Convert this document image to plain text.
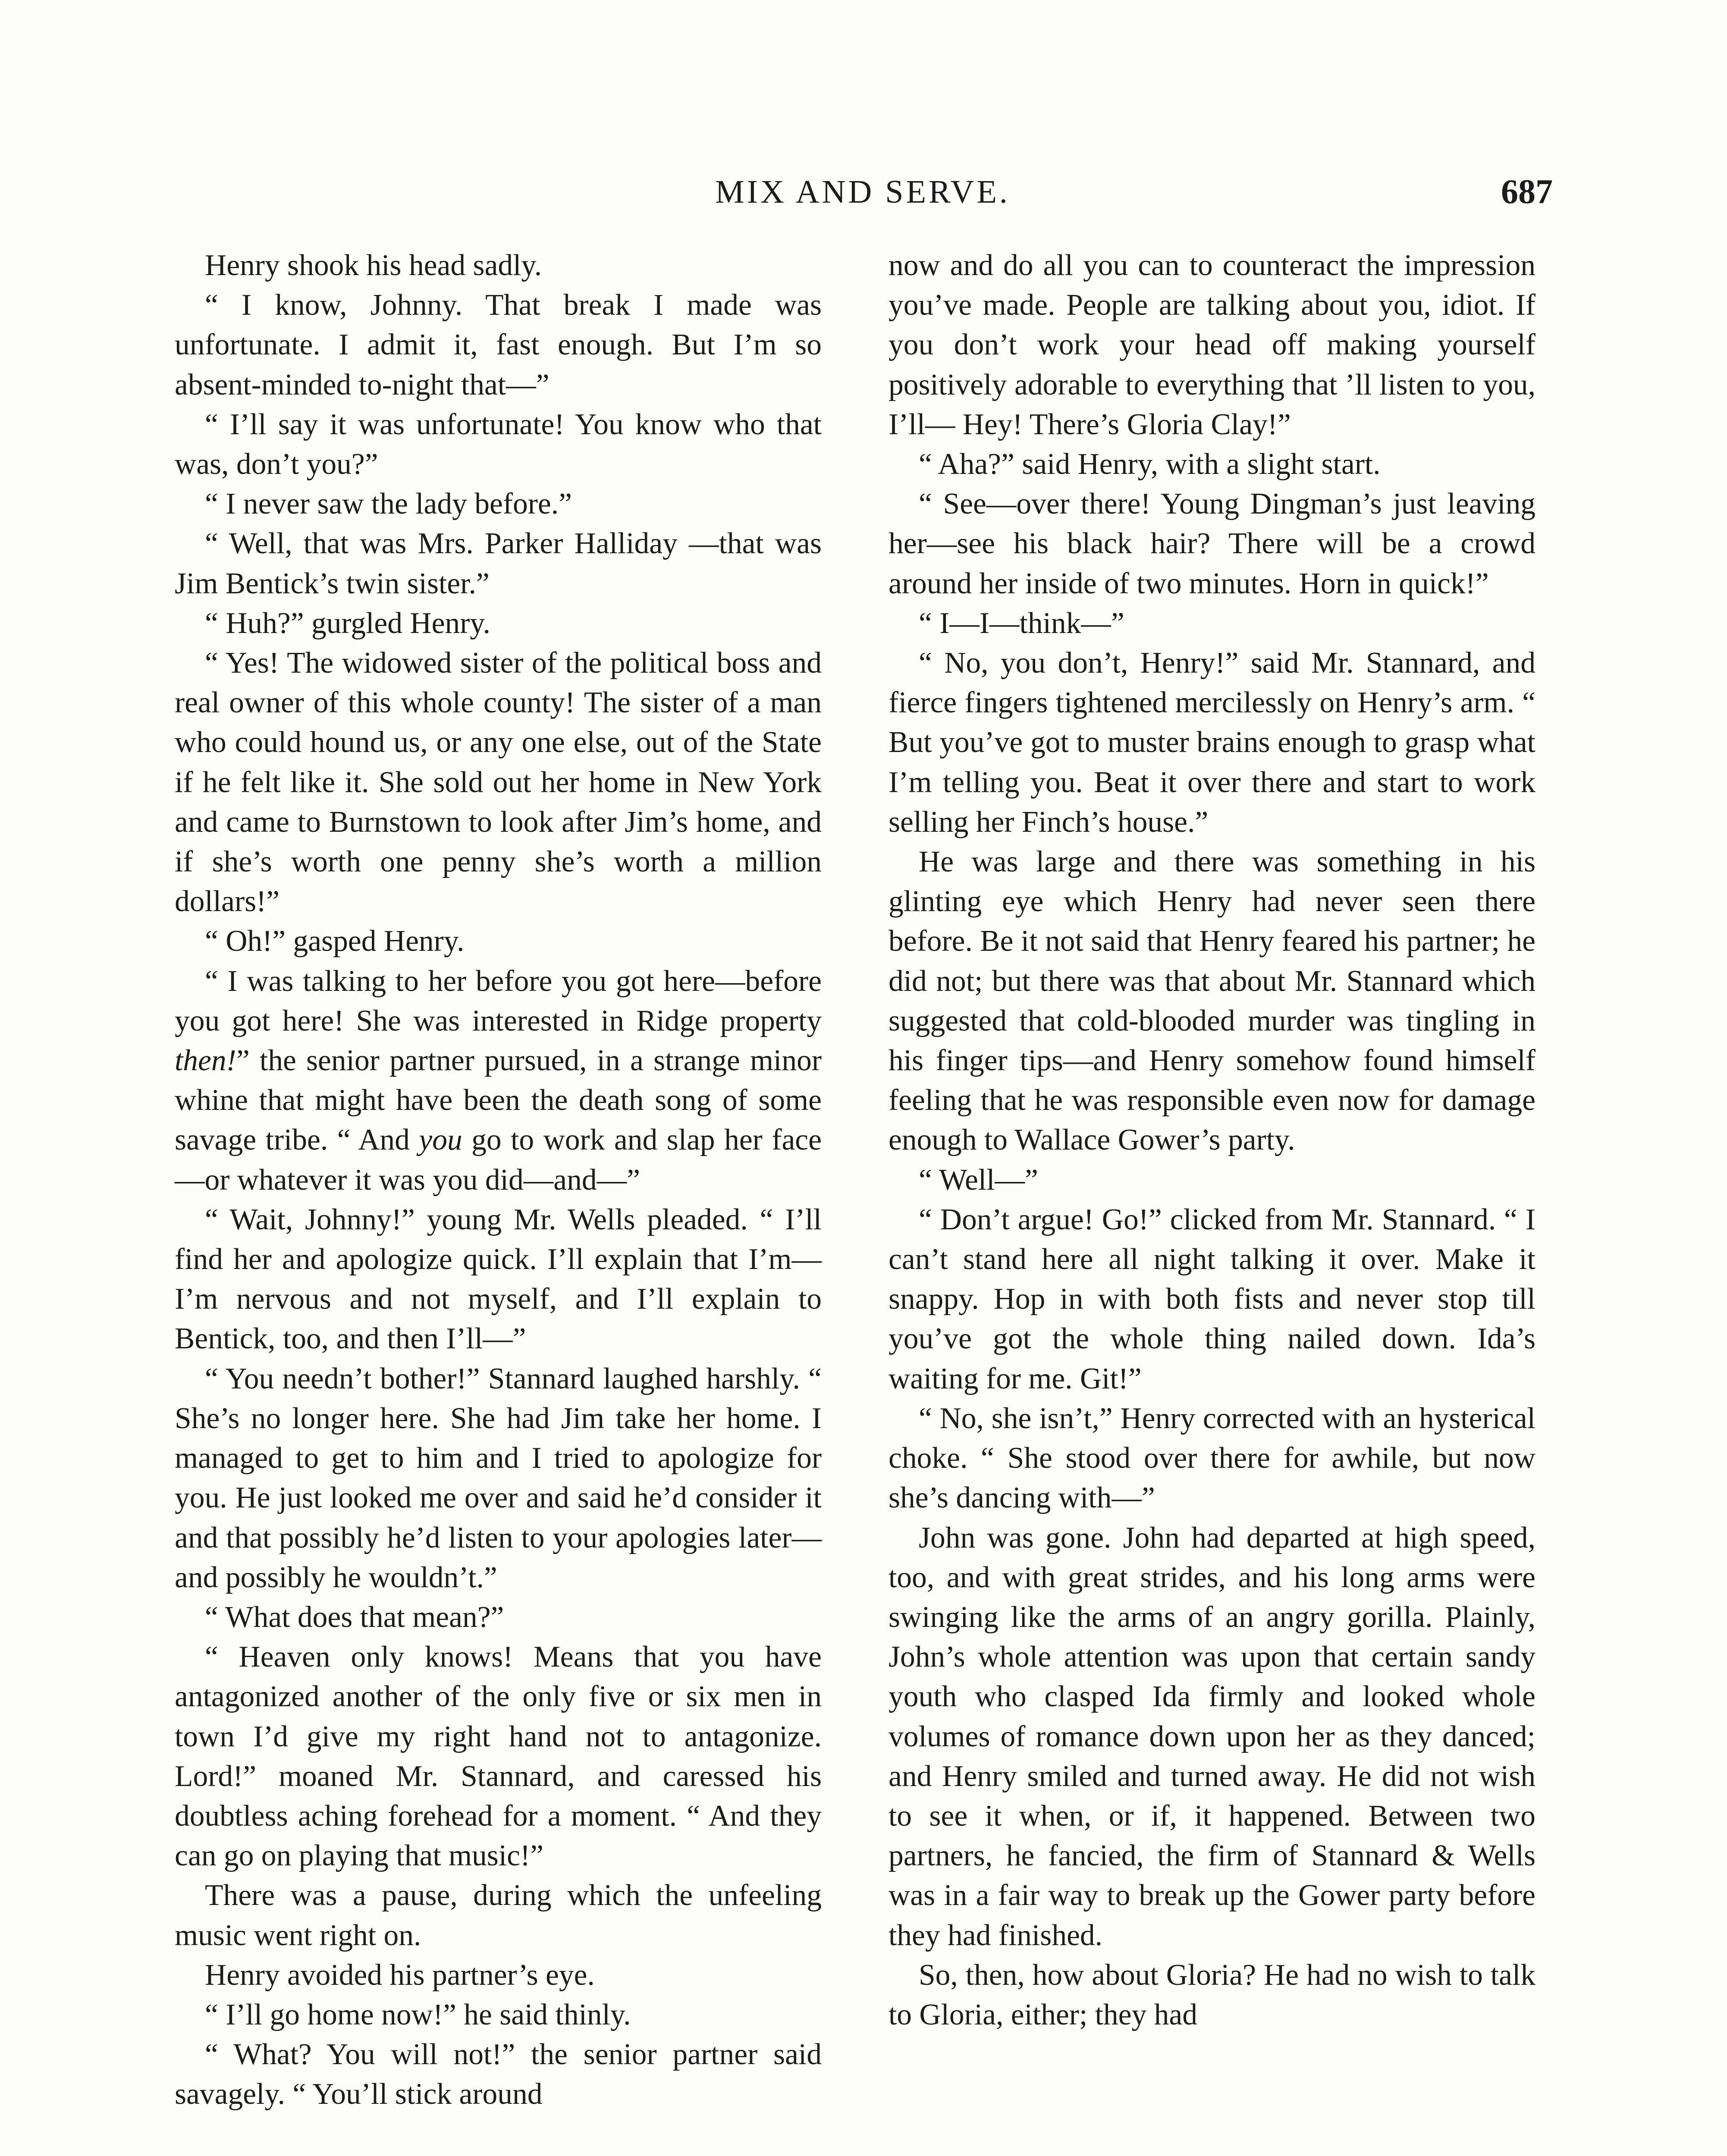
MIX AND SERVE.	687

Henry shook his head sadly.

“ I know, Johnny. That break I made was unfortunate. I admit it, fast enough. But I’m so absent-minded to-night that—”

“ I’ll say it was unfortunate! You know who that was, don’t you?”

“ I never saw the lady before.”

“ Well, that was Mrs. Parker Halliday —that was Jim Bentick’s twin sister.”

“ Huh?” gurgled Henry.

“ Yes! The widowed sister of the political boss and real owner of this whole county! The sister of a man who could hound us, or any one else, out of the State if he felt like it. She sold out her home in New York and came to Burnstown to look after Jim’s home, and if she’s worth one penny she’s worth a million dollars!”

“ Oh!” gasped Henry.

“ I was talking to her before you got here—before you got here! She was interested in Ridge property then!” the senior partner pursued, in a strange minor whine that might have been the death song of some savage tribe. “ And you go to work and slap her face—or whatever it was you did—and—”

“ Wait, Johnny!” young Mr. Wells pleaded. “ I’ll find her and apologize quick. I’ll explain that I’m—I’m nervous and not myself, and I’ll explain to Bentick, too, and then I’ll—”

“ You needn’t bother!” Stannard laughed harshly. “ She’s no longer here. She had Jim take her home. I managed to get to him and I tried to apologize for you. He just looked me over and said he’d consider it and that possibly he’d listen to your apologies later—and possibly he wouldn’t.”

“ What does that mean?”

“ Heaven only knows! Means that you have antagonized another of the only five or six men in town I’d give my right hand not to antagonize. Lord!” moaned Mr. Stannard, and caressed his doubtless aching forehead for a moment. “ And they can go on playing that music!”

There was a pause, during which the unfeeling music went right on.

Henry avoided his partner’s eye.

“ I’ll go home now!” he said thinly.

“ What? You will not!” the senior partner said savagely. “ You’ll stick around

now and do all you can to counteract the impression you’ve made. People are talking about you, idiot. If you don’t work your head off making yourself positively adorable to everything that ’ll listen to you, I’ll— Hey! There’s Gloria Clay!”

“ Aha?” said Henry, with a slight start.

“ See—over there! Young Dingman’s just leaving her—see his black hair? There will be a crowd around her inside of two minutes. Horn in quick!”

“ I—I—think—”

“ No, you don’t, Henry!” said Mr. Stannard, and fierce fingers tightened mercilessly on Henry’s arm. “ But you’ve got to muster brains enough to grasp what I’m telling you. Beat it over there and start to work selling her Finch’s house.”

He was large and there was something in his glinting eye which Henry had never seen there before. Be it not said that Henry feared his partner; he did not; but there was that about Mr. Stannard which suggested that cold-blooded murder was tingling in his finger tips—and Henry somehow found himself feeling that he was responsible even now for damage enough to Wallace Gower’s party.

“ Well—”

“ Don’t argue! Go!” clicked from Mr. Stannard. “ I can’t stand here all night talking it over. Make it snappy. Hop in with both fists and never stop till you’ve got the whole thing nailed down. Ida’s waiting for me. Git!”

“ No, she isn’t,” Henry corrected with an hysterical choke. “ She stood over there for awhile, but now she’s dancing with—”

John was gone. John had departed at high speed, too, and with great strides, and his long arms were swinging like the arms of an angry gorilla. Plainly, John’s whole attention was upon that certain sandy youth who clasped Ida firmly and looked whole volumes of romance down upon her as they danced; and Henry smiled and turned away. He did not wish to see it when, or if, it happened. Between two partners, he fancied, the firm of Stannard & Wells was in a fair way to break up the Gower party before they had finished.

So, then, how about Gloria? He had no wish to talk to Gloria, either; they had
